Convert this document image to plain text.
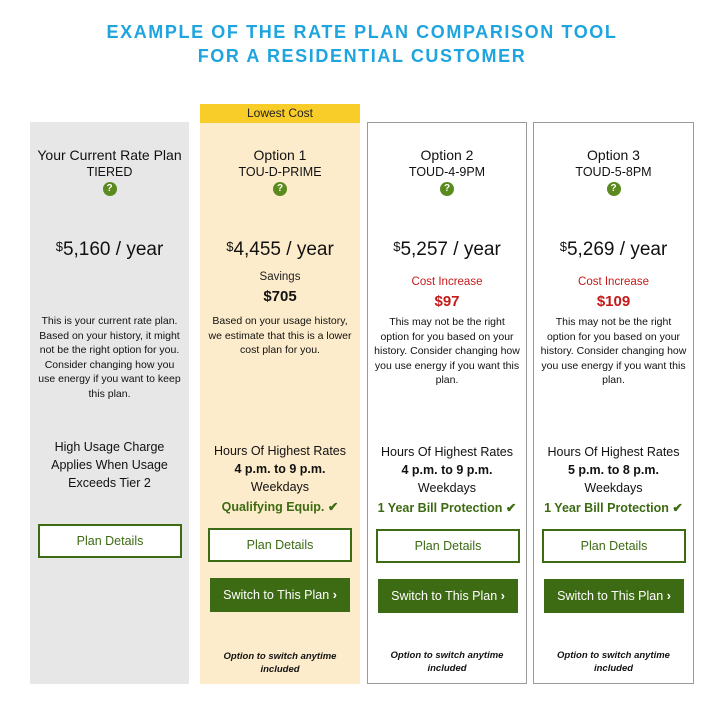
EXAMPLE OF THE RATE PLAN COMPARISON TOOL
FOR A RESIDENTIAL CUSTOMER
Your Current Rate Plan
TIERED
?
$5,160 / year
This is your current rate plan. Based on your history, it might not be the right option for you. Consider changing how you use energy if you want to keep this plan.
High Usage Charge Applies When Usage Exceeds Tier 2
Plan Details
Lowest Cost
Option 1
TOU-D-PRIME
?
$4,455 / year
Savings
$705
Based on your usage history, we estimate that this is a lower cost plan for you.
Hours Of Highest Rates
4 p.m. to 9 p.m.
Weekdays
Qualifying Equip. ✔
Plan Details
Switch to This Plan ›
Option to switch anytime included
Option 2
TOUD-4-9PM
?
$5,257 / year
Cost Increase
$97
This may not be the right option for you based on your history. Consider changing how you use energy if you want this plan.
Hours Of Highest Rates
4 p.m. to 9 p.m.
Weekdays
1 Year Bill Protection ✔
Plan Details
Switch to This Plan ›
Option to switch anytime included
Option 3
TOUD-5-8PM
?
$5,269 / year
Cost Increase
$109
This may not be the right option for you based on your history. Consider changing how you use energy if you want this plan.
Hours Of Highest Rates
5 p.m. to 8 p.m.
Weekdays
1 Year Bill Protection ✔
Plan Details
Switch to This Plan ›
Option to switch anytime included
